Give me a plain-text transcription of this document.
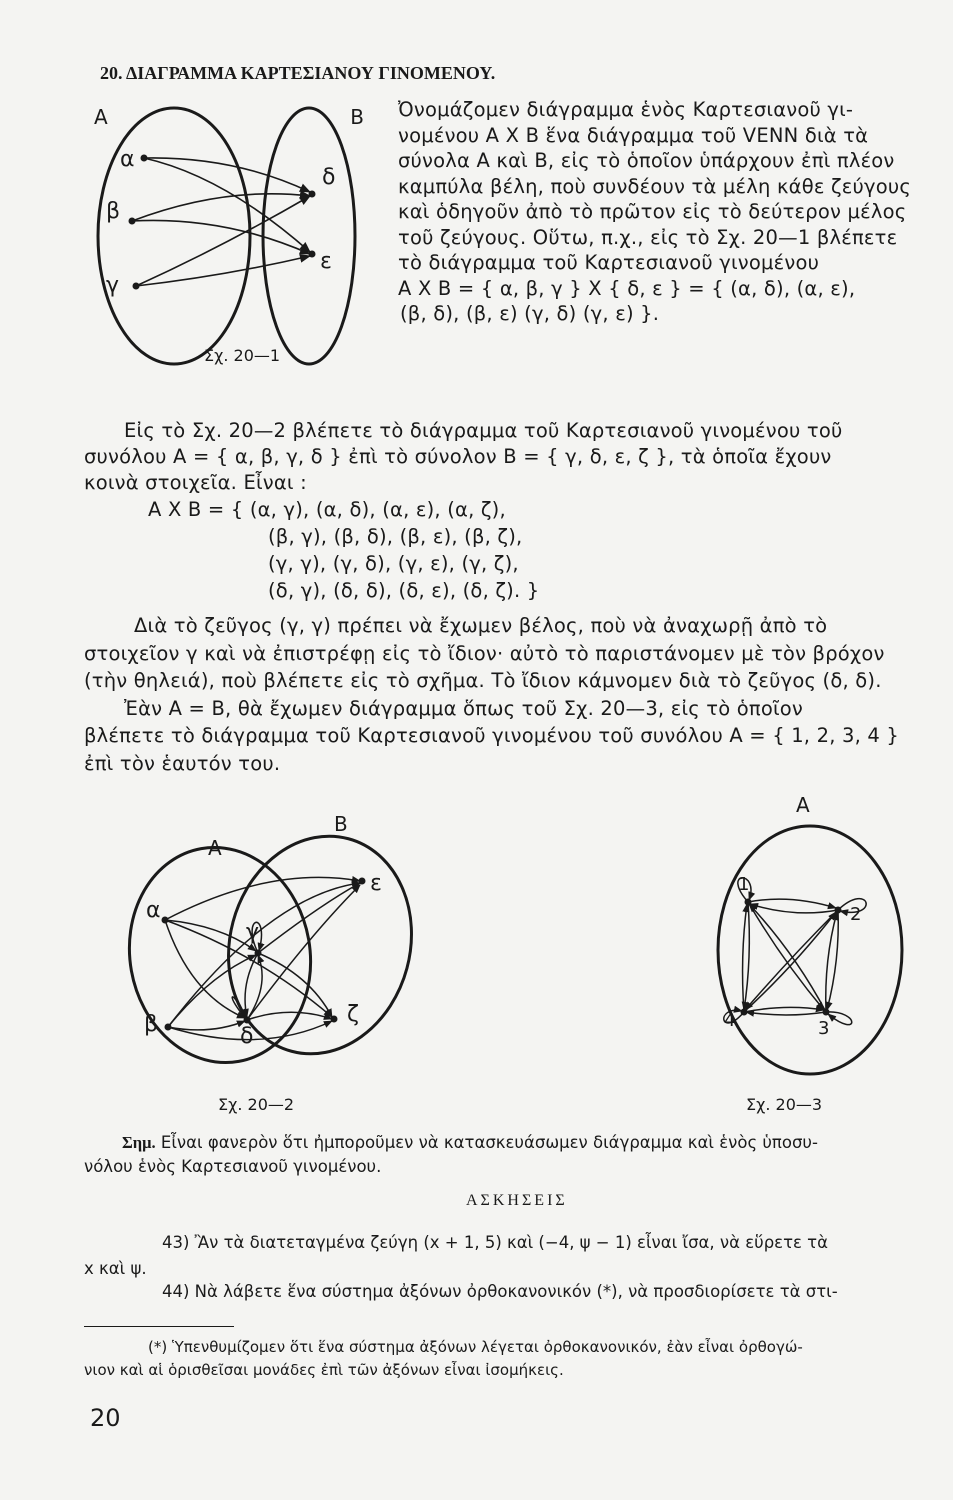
20. ΔΙΑΓΡΑΜΜΑ ΚΑΡΤΕΣΙΑΝΟΥ ΓΙΝΟΜΕΝΟΥ.
A	B
α
β
γ
δ
ε
Σχ. 20—1
Ὀνομάζομεν διάγραμμα ἑνὸς Καρτεσιανοῦ γι-
νομένου A X B ἕνα διάγραμμα τοῦ VENN διὰ τὰ
σύνολα A καὶ B, εἰς τὸ ὁποῖον ὑπάρχουν ἐπὶ πλέον
καμπύλα βέλη, ποὺ συνδέουν τὰ μέλη κάθε ζεύγους
καὶ ὁδηγοῦν ἀπὸ τὸ πρῶτον εἰς τὸ δεύτερον μέλος
τοῦ ζεύγους. Οὕτω, π.χ., εἰς τὸ Σχ. 20—1 βλέπετε
τὸ διάγραμμα τοῦ Καρτεσιανοῦ γινομένου
A X B = { α, β, γ } X { δ, ε } = { (α, δ), (α, ε),
(β, δ), (β, ε) (γ, δ) (γ, ε) }.
Εἰς τὸ Σχ. 20—2 βλέπετε τὸ διάγραμμα τοῦ Καρτεσιανοῦ γινομένου τοῦ
συνόλου A = { α, β, γ, δ } ἐπὶ τὸ σύνολον B = { γ, δ, ε, ζ }, τὰ ὁποῖα ἔχουν
κοινὰ στοιχεῖα. Εἶναι :
A X B = { (α, γ), (α, δ), (α, ε), (α, ζ),
(β, γ), (β, δ), (β, ε), (β, ζ),
(γ, γ), (γ, δ), (γ, ε), (γ, ζ),
(δ, γ), (δ, δ), (δ, ε), (δ, ζ). }
Διὰ τὸ ζεῦγος (γ, γ) πρέπει νὰ ἔχωμεν βέλος, ποὺ νὰ ἀναχωρῇ ἀπὸ τὸ
στοιχεῖον γ καὶ νὰ ἐπιστρέφῃ εἰς τὸ ἴδιον· αὐτὸ τὸ παριστάνομεν μὲ τὸν βρόχον
(τὴν θηλειά), ποὺ βλέπετε εἰς τὸ σχῆμα. Τὸ ἴδιον κάμνομεν διὰ τὸ ζεῦγος (δ, δ).
Ἐὰν A = B, θὰ ἔχωμεν διάγραμμα ὅπως τοῦ Σχ. 20—3, εἰς τὸ ὁποῖον
βλέπετε τὸ διάγραμμα τοῦ Καρτεσιανοῦ γινομένου τοῦ συνόλου A = { 1, 2, 3, 4 }
ἐπὶ τὸν ἑαυτόν του.
A
B
α
β
γ
δ
ε
ζ
Σχ. 20—2
A
1
2
3
4
Σχ. 20—3
Σημ. Εἶναι φανερὸν ὅτι ἠμποροῦμεν νὰ κατασκευάσωμεν διάγραμμα καὶ ἑνὸς ὑποσυ-
νόλου ἑνὸς Καρτεσιανοῦ γινομένου.
ΑΣΚΗΣΕΙΣ
43) Ἂν τὰ διατεταγμένα ζεύγη (x + 1, 5) καὶ (−4, ψ − 1) εἶναι ἴσα, νὰ εὕρετε τὰ
x καὶ ψ.
44) Νὰ λάβετε ἕνα σύστημα ἀξόνων ὀρθοκανονικόν (*), νὰ προσδιορίσετε τὰ στι-
(*) Ὑπενθυμίζομεν ὅτι ἕνα σύστημα ἀξόνων λέγεται ὀρθοκανονικόν, ἐὰν εἶναι ὀρθογώ-
νιον καὶ αἱ ὁρισθεῖσαι μονάδες ἐπὶ τῶν ἀξόνων εἶναι ἰσομήκεις.
20
